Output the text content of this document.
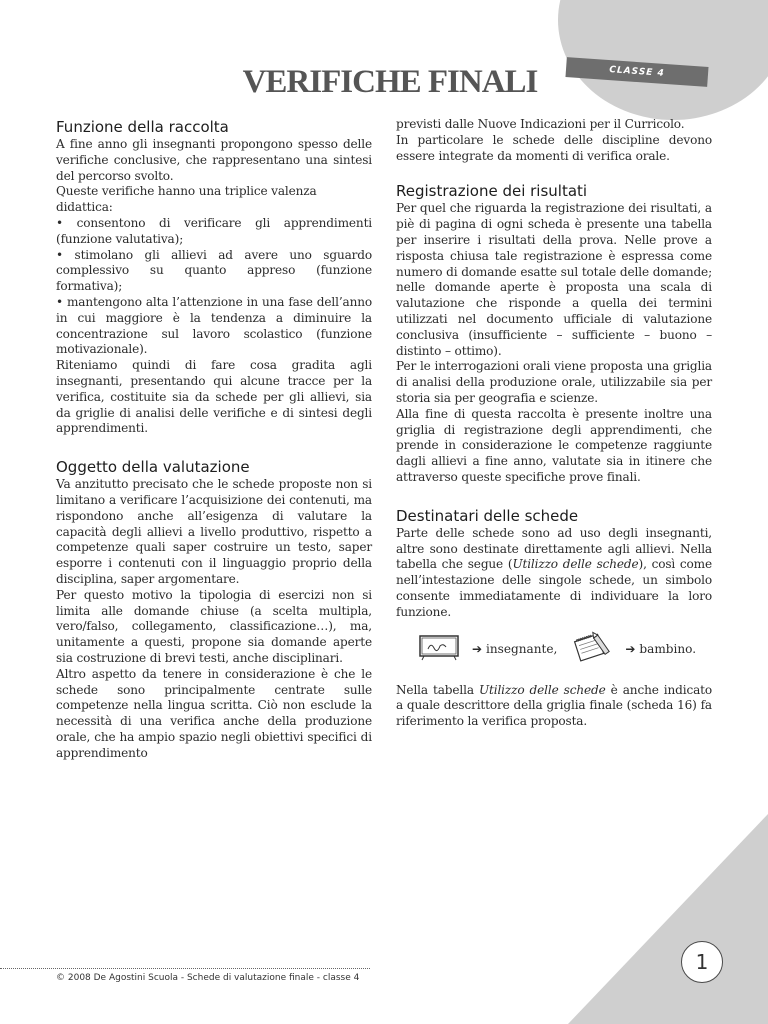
VERIFICHE FINALI	CLASSE 4
Funzione della raccolta

A fine anno gli insegnanti propongono spesso delle verifiche conclusive, che rappresentano una sintesi del percorso svolto.

Queste verifiche hanno una triplice valenza didattica:

• consentono di verificare gli apprendimenti (funzione valutativa);

• stimolano gli allievi ad avere uno sguardo complessivo su quanto appreso (funzione formativa);

• mantengono alta l’attenzione in una fase dell’anno in cui maggiore è la tendenza a diminuire la concentrazione sul lavoro scolastico (funzione motivazionale).

Riteniamo quindi di fare cosa gradita agli insegnanti, presentando qui alcune tracce per la verifica, costituite sia da schede per gli allievi, sia da griglie di analisi delle verifiche e di sintesi degli apprendimenti.

Oggetto della valutazione

Va anzitutto precisato che le schede proposte non si limitano a verificare l’acquisizione dei contenuti, ma rispondono anche all’esigenza di valutare la capacità degli allievi a livello produttivo, rispetto a competenze quali saper costruire un testo, saper esporre i contenuti con il linguaggio proprio della disciplina, saper argomentare.

Per questo motivo la tipologia di esercizi non si limita alle domande chiuse (a scelta multipla, vero/falso, collegamento, classificazione…), ma, unitamente a questi, propone sia domande aperte sia costruzione di brevi testi, anche disciplinari.

Altro aspetto da tenere in considerazione è che le schede sono principalmente centrate sulle competenze nella lingua scritta. Ciò non esclude la necessità di una verifica anche della produzione orale, che ha ampio spazio negli obiettivi specifici di apprendimento

previsti dalle Nuove Indicazioni per il Curricolo.

In particolare le schede delle discipline devono essere integrate da momenti di verifica orale.

Registrazione dei risultati

Per quel che riguarda la registrazione dei risultati, a piè di pagina di ogni scheda è presente una tabella per inserire i risultati della prova. Nelle prove a risposta chiusa tale registrazione è espressa come numero di domande esatte sul totale delle domande; nelle domande aperte è proposta una scala di valutazione che risponde a quella dei termini utilizzati nel documento ufficiale di valutazione conclusiva (insufficiente – sufficiente – buono – distinto – ottimo).

Per le interrogazioni orali viene proposta una griglia di analisi della produzione orale, utilizzabile sia per storia sia per geografia e scienze.

Alla fine di questa raccolta è presente inoltre una griglia di registrazione degli apprendimenti, che prende in considerazione le competenze raggiunte dagli allievi a fine anno, valutate sia in itinere che attraverso queste specifiche prove finali.

Destinatari delle schede

Parte delle schede sono ad uso degli insegnanti, altre sono destinate direttamente agli allievi. Nella tabella che segue (Utilizzo delle schede), così come nell’intestazione delle singole schede, un simbolo consente immediatamente di individuare la loro funzione.

➔ insegnante,	➔ bambino.

Nella tabella Utilizzo delle schede è anche indicato a quale descrittore della griglia finale (scheda 16) fa riferimento la verifica proposta.

© 2008 De Agostini Scuola - Schede di valutazione finale - classe 4
1
